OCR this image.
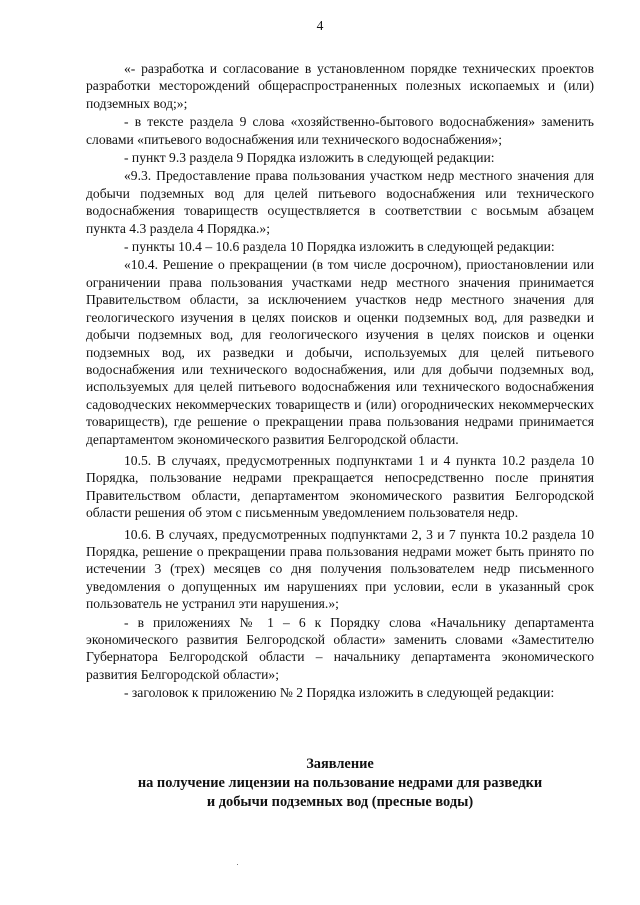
4

«- разработка и согласование в установленном порядке технических проектов разработки месторождений общераспространенных полезных ископаемых и (или) подземных вод;»;

- в тексте раздела 9 слова «хозяйственно-бытового водоснабжения» заменить словами «питьевого водоснабжения или технического водоснабжения»;

- пункт 9.3 раздела 9 Порядка изложить в следующей редакции:

«9.3. Предоставление права пользования участком недр местного значения для добычи подземных вод для целей питьевого водоснабжения или технического водоснабжения товариществ осуществляется в соответствии с восьмым абзацем пункта 4.3 раздела 4 Порядка.»;

- пункты 10.4 – 10.6 раздела 10 Порядка изложить в следующей редакции:

«10.4. Решение о прекращении (в том числе досрочном), приостановлении или ограничении права пользования участками недр местного значения принимается Правительством области, за исключением участков недр местного значения для геологического изучения в целях поисков и оценки подземных вод, для разведки и добычи подземных вод, для геологического изучения в целях поисков и оценки подземных вод, их разведки и добычи, используемых для целей питьевого водоснабжения или технического водоснабжения, или для добычи подземных вод, используемых для целей питьевого водоснабжения или технического водоснабжения садоводческих некоммерческих товариществ и (или) огороднических некоммерческих товариществ), где решение о прекращении права пользования недрами принимается департаментом экономического развития Белгородской области.

10.5. В случаях, предусмотренных подпунктами 1 и 4 пункта 10.2 раздела 10 Порядка, пользование недрами прекращается непосредственно после принятия Правительством области, департаментом экономического развития Белгородской области решения об этом с письменным уведомлением пользователя недр.

10.6. В случаях, предусмотренных подпунктами 2, 3 и 7 пункта 10.2 раздела 10 Порядка, решение о прекращении права пользования недрами может быть принято по истечении 3 (трех) месяцев со дня получения пользователем недр письменного уведомления о допущенных им нарушениях при условии, если в указанный срок пользователь не устранил эти нарушения.»;

- в приложениях № 1 – 6 к Порядку слова «Начальнику департамента экономического развития Белгородской области» заменить словами «Заместителю Губернатора Белгородской области – начальнику департамента экономического развития Белгородской области»;

- заголовок к приложению № 2 Порядка изложить в следующей редакции:

Заявление
на получение лицензии на пользование недрами для разведки
и добычи подземных вод (пресные воды)
